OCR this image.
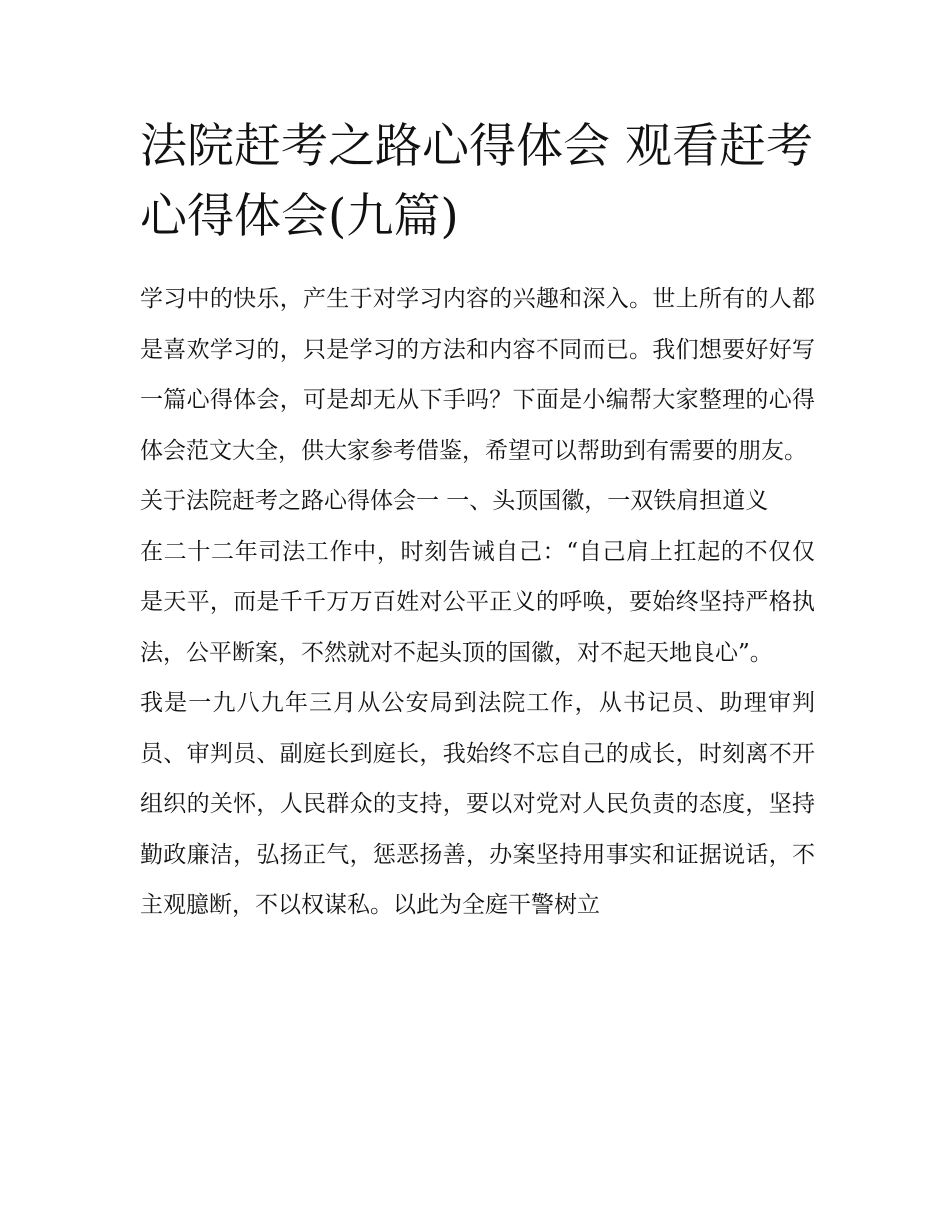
法院赶考之路心得体会 观看赶考心得体会(九篇)

学习中的快乐，产生于对学习内容的兴趣和深入。世上所有的人都是喜欢学习的，只是学习的方法和内容不同而已。我们想要好好写一篇心得体会，可是却无从下手吗？下面是小编帮大家整理的心得体会范文大全，供大家参考借鉴，希望可以帮助到有需要的朋友。

关于法院赶考之路心得体会一 一、头顶国徽，一双铁肩担道义

在二十二年司法工作中，时刻告诫自己：“自己肩上扛起的不仅仅是天平，而是千千万万百姓对公平正义的呼唤，要始终坚持严格执法，公平断案，不然就对不起头顶的国徽，对不起天地良心”。

我是一九八九年三月从公安局到法院工作，从书记员、助理审判员、审判员、副庭长到庭长，我始终不忘自己的成长，时刻离不开组织的关怀，人民群众的支持，要以对党对人民负责的态度，坚持勤政廉洁，弘扬正气，惩恶扬善，办案坚持用事实和证据说话，不主观臆断，不以权谋私。以此为全庭干警树立
